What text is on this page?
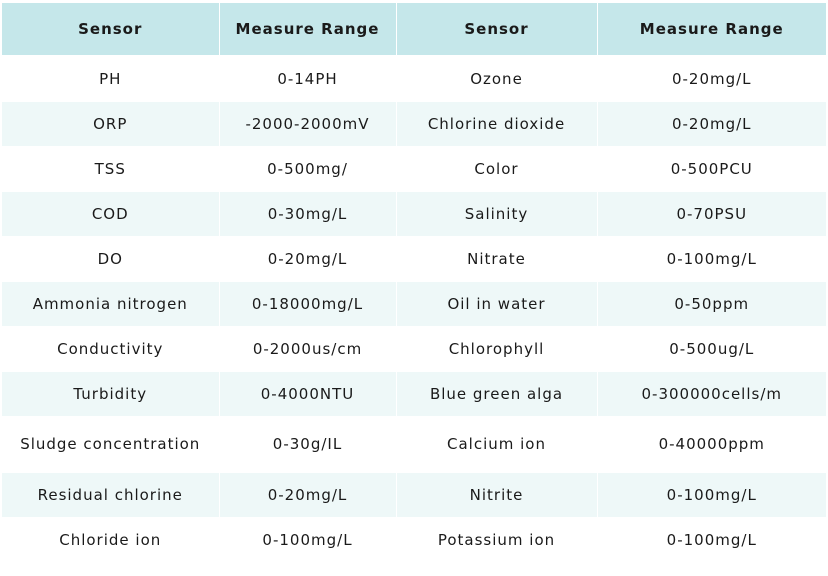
Sensor	Measure Range	Sensor	Measure Range
PH	0-14PH	Ozone	0-20mg/L
ORP	-2000-2000mV	Chlorine dioxide	0-20mg/L
TSS	0-500mg/	Color	0-500PCU
COD	0-30mg/L	Salinity	0-70PSU
DO	0-20mg/L	Nitrate	0-100mg/L
Ammonia nitrogen	0-18000mg/L	Oil in water	0-50ppm
Conductivity	0-2000us/cm	Chlorophyll	0-500ug/L
Turbidity	0-4000NTU	Blue green alga	0-300000cells/m
Sludge concentration	0-30g/IL	Calcium ion	0-40000ppm
Residual chlorine	0-20mg/L	Nitrite	0-100mg/L
Chloride ion	0-100mg/L	Potassium ion	0-100mg/L
